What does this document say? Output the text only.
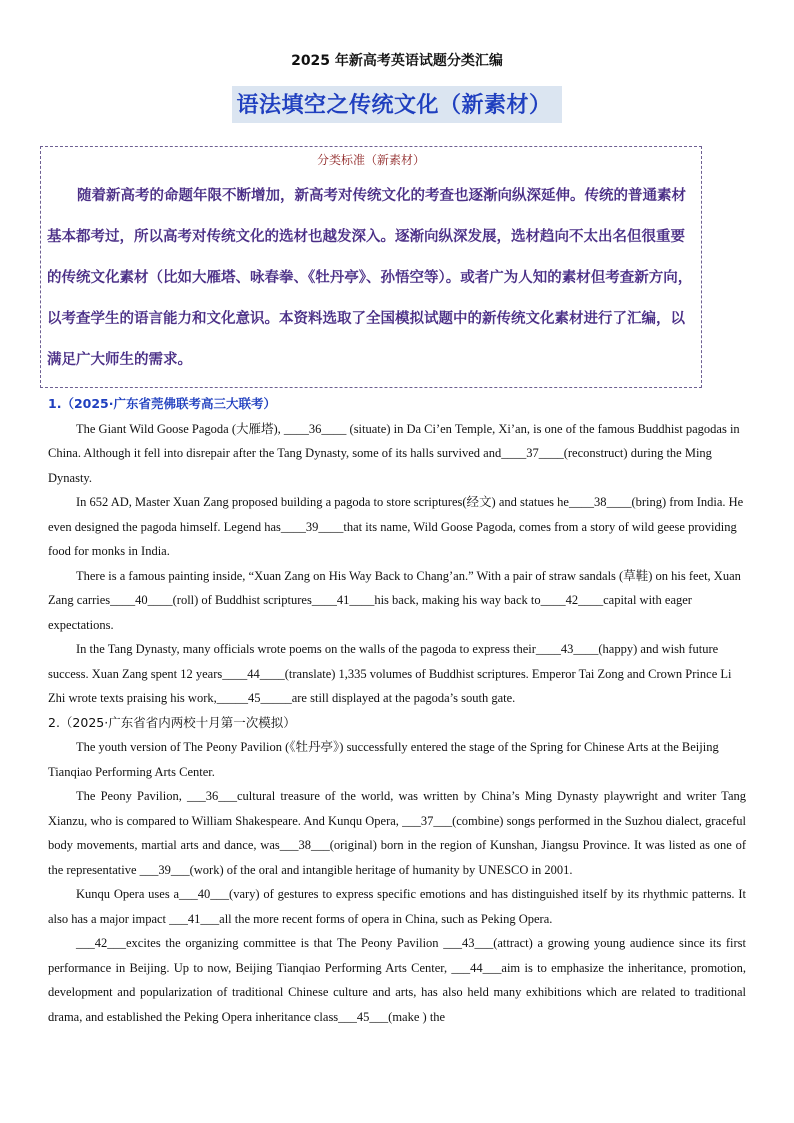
2025 年新高考英语试题分类汇编
语法填空之传统文化（新素材）
分类标准（新素材）

随着新高考的命题年限不断增加，新高考对传统文化的考查也逐渐向纵深延伸。传统的普通素材基本都考过，所以高考对传统文化的选材也越发深入。逐渐向纵深发展，选材趋向不太出名但很重要的传统文化素材（比如大雁塔、咏春拳、《牡丹亭》、孙悟空等）。或者广为人知的素材但考查新方向，以考查学生的语言能力和文化意识。本资料选取了全国模拟试题中的新传统文化素材进行了汇编，以满足广大师生的需求。

1.（2025·广东省莞佛联考高三大联考）

The Giant Wild Goose Pagoda (大雁塔), ____36____ (situate) in Da Ci’en Temple, Xi’an, is one of the famous Buddhist pagodas in China. Although it fell into disrepair after the Tang Dynasty, some of its halls survived and____37____(reconstruct) during the Ming Dynasty.

In 652 AD, Master Xuan Zang proposed building a pagoda to store scriptures(经文) and statues he____38____(bring) from India. He even designed the pagoda himself. Legend has____39____that its name, Wild Goose Pagoda, comes from a story of wild geese providing food for monks in India.

There is a famous painting inside, “Xuan Zang on His Way Back to Chang’an.” With a pair of straw sandals (草鞋) on his feet, Xuan Zang carries____40____(roll) of Buddhist scriptures____41____his back, making his way back to____42____capital with eager expectations.

In the Tang Dynasty, many officials wrote poems on the walls of the pagoda to express their____43____(happy) and wish future success. Xuan Zang spent 12 years____44____(translate) 1,335 volumes of Buddhist scriptures. Emperor Tai Zong and Crown Prince Li Zhi wrote texts praising his work,_____45_____are still displayed at the pagoda’s south gate.

2.（2025·广东省省内两校十月第一次模拟）

The youth version of The Peony Pavilion (《牡丹亭》) successfully entered the stage of the Spring for Chinese Arts at the Beijing Tianqiao Performing Arts Center.

The Peony Pavilion, ___36___cultural treasure of the world, was written by China’s Ming Dynasty playwright and writer Tang Xianzu, who is compared to William Shakespeare. And Kunqu Opera, ___37___(combine) songs performed in the Suzhou dialect, graceful body movements, martial arts and dance, was___38___(original) born in the region of Kunshan, Jiangsu Province. It was listed as one of the representative ___39___(work) of the oral and intangible heritage of humanity by UNESCO in 2001.

Kunqu Opera uses a___40___(vary) of gestures to express specific emotions and has distinguished itself by its rhythmic patterns. It also has a major impact ___41___all the more recent forms of opera in China, such as Peking Opera.

___42___excites the organizing committee is that The Peony Pavilion ___43___(attract) a growing young audience since its first performance in Beijing. Up to now, Beijing Tianqiao Performing Arts Center, ___44___aim is to emphasize the inheritance, promotion, development and popularization of traditional Chinese culture and arts, has also held many exhibitions which are related to traditional drama, and established the Peking Opera inheritance class___45___(make ) the
